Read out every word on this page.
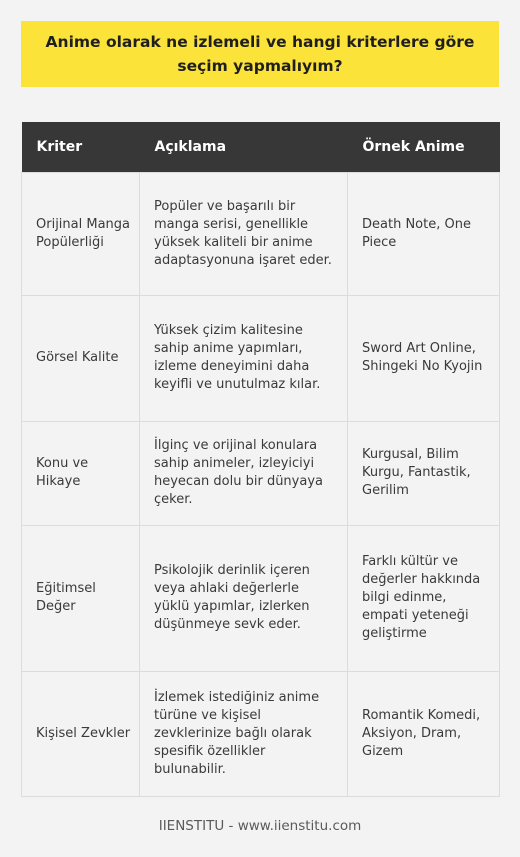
Anime olarak ne izlemeli ve hangi kriterlere göre seçim yapmalıyım?
Kriter	Açıklama	Örnek Anime
Orijinal Manga Popülerliği	Popüler ve başarılı bir manga serisi, genellikle yüksek kaliteli bir anime adaptasyonuna işaret eder.	Death Note, One Piece
Görsel Kalite	Yüksek çizim kalitesine sahip anime yapımları, izleme deneyimini daha keyifli ve unutulmaz kılar.	Sword Art Online, Shingeki No Kyojin
Konu ve Hikaye	İlginç ve orijinal konulara sahip animeler, izleyiciyi heyecan dolu bir dünyaya çeker.	Kurgusal, Bilim Kurgu, Fantastik, Gerilim
Eğitimsel Değer	Psikolojik derinlik içeren veya ahlaki değerlerle yüklü yapımlar, izlerken düşünmeye sevk eder.	Farklı kültür ve değerler hakkında bilgi edinme, empati yeteneği geliştirme
Kişisel Zevkler	İzlemek istediğiniz anime türüne ve kişisel zevklerinize bağlı olarak spesifik özellikler bulunabilir.	Romantik Komedi, Aksiyon, Dram, Gizem
IIENSTITU - www.iienstitu.com
